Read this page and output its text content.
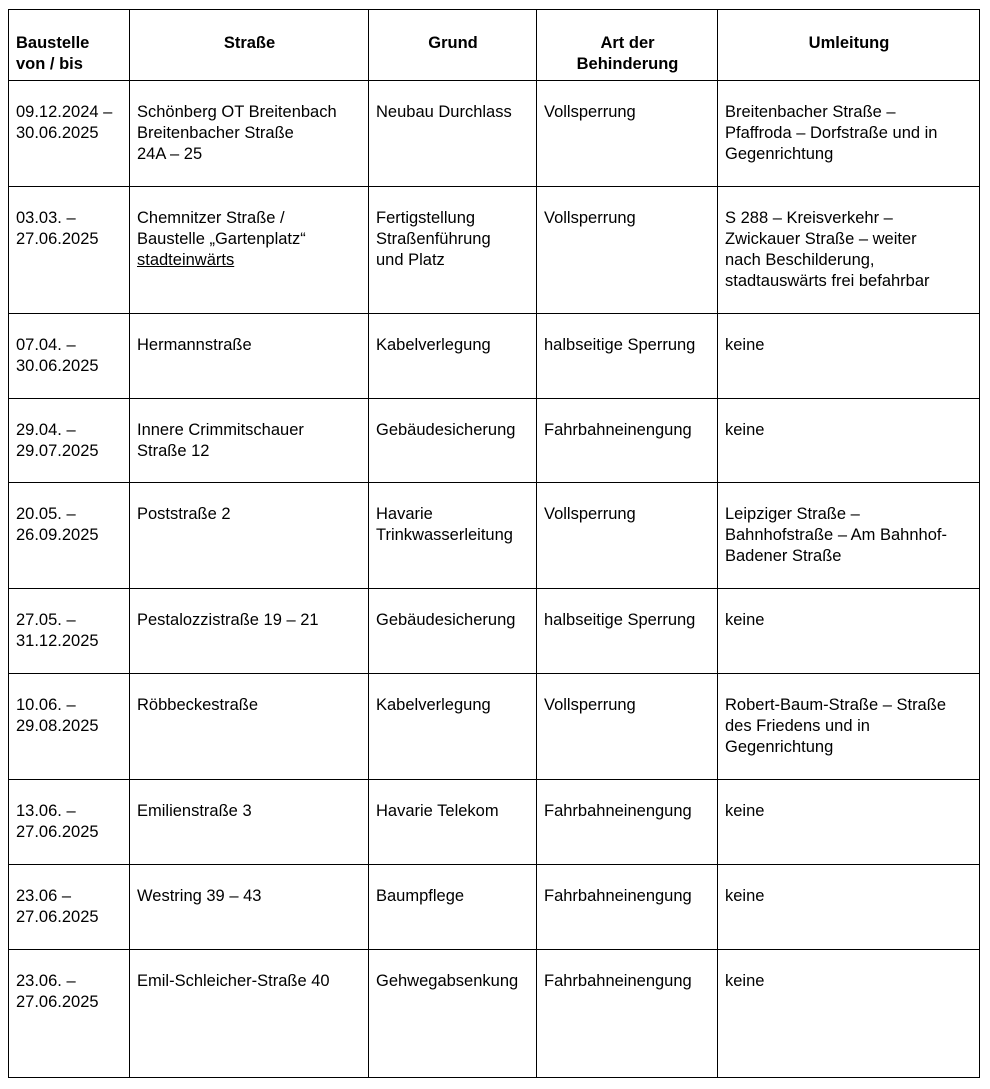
Baustelle
von / bis	Straße	Grund	Art der
Behinderung	Umleitung

09.12.2024 –
30.06.2025	Schönberg OT Breitenbach
Breitenbacher Straße
24A – 25	Neubau Durchlass	Vollsperrung	Breitenbacher Straße –
Pfaffroda – Dorfstraße und in
Gegenrichtung

03.03. –
27.06.2025	Chemnitzer Straße /
Baustelle „Gartenplatz“
stadteinwärts	Fertigstellung
Straßenführung
und Platz	Vollsperrung	S 288 – Kreisverkehr –
Zwickauer Straße – weiter
nach Beschilderung,
stadtauswärts frei befahrbar

07.04. –
30.06.2025	Hermannstraße	Kabelverlegung	halbseitige Sperrung	keine

29.04. –
29.07.2025	Innere Crimmitschauer
Straße 12	Gebäudesicherung	Fahrbahneinengung	keine

20.05. –
26.09.2025	Poststraße 2	Havarie
Trinkwasserleitung	Vollsperrung	Leipziger Straße –
Bahnhofstraße – Am Bahnhof-
Badener Straße

27.05. –
31.12.2025	Pestalozzistraße 19 – 21	Gebäudesicherung	halbseitige Sperrung	keine

10.06. –
29.08.2025	Röbbeckestraße	Kabelverlegung	Vollsperrung	Robert-Baum-Straße – Straße
des Friedens und in
Gegenrichtung

13.06. –
27.06.2025	Emilienstraße 3	Havarie Telekom	Fahrbahneinengung	keine

23.06 –
27.06.2025	Westring 39 – 43	Baumpflege	Fahrbahneinengung	keine

23.06. –
27.06.2025	Emil-Schleicher-Straße 40	Gehwegabsenkung	Fahrbahneinengung	keine
